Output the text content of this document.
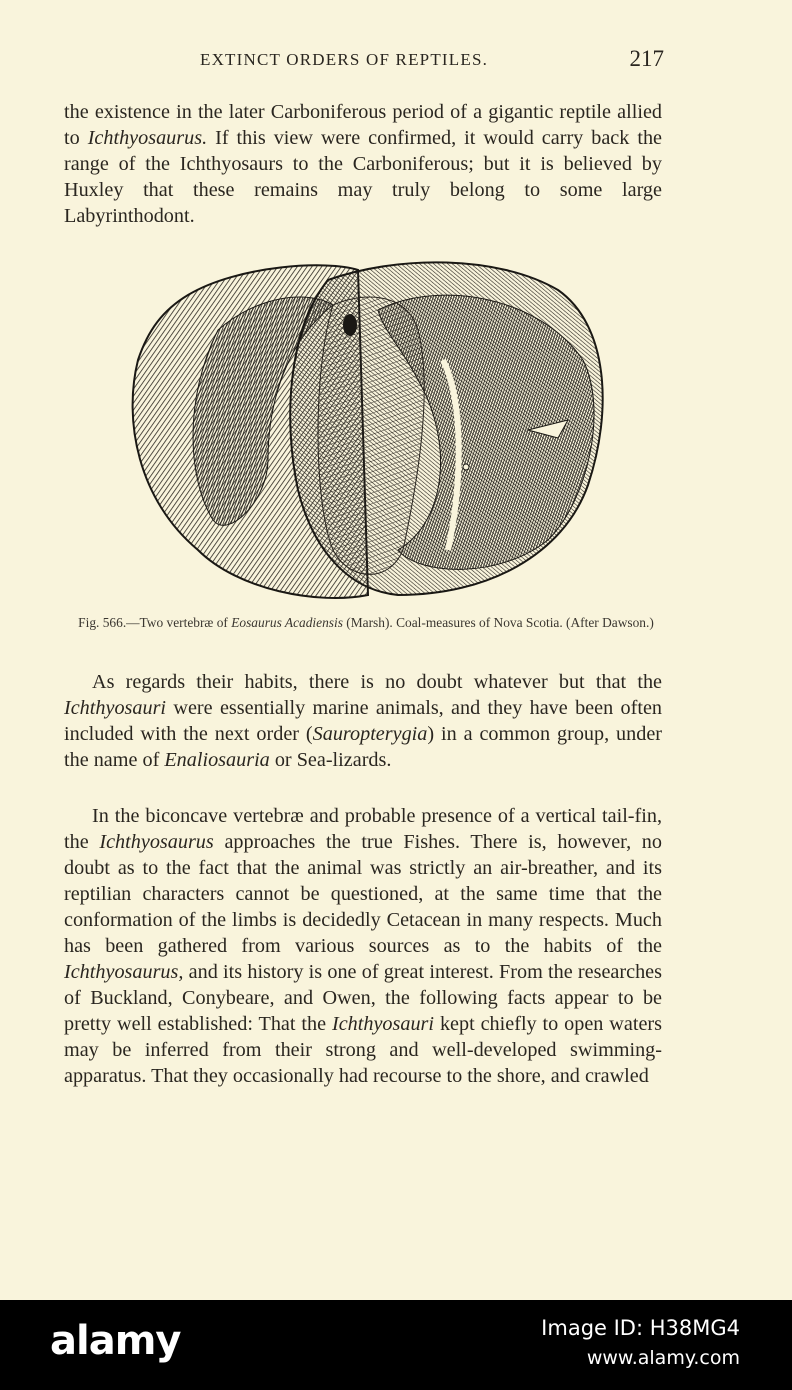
EXTINCT ORDERS OF REPTILES.	217

the existence in the later Carboniferous period of a gigantic reptile allied to Ichthyosaurus. If this view were confirmed, it would carry back the range of the Ichthyosaurs to the Carboniferous; but it is believed by Huxley that these remains may truly belong to some large Labyrinthodont.

Fig. 566.—Two vertebræ of Eosaurus Acadiensis (Marsh). Coal-measures of Nova Scotia. (After Dawson.)

As regards their habits, there is no doubt whatever but that the Ichthyosauri were essentially marine animals, and they have been often included with the next order (Sauropterygia) in a common group, under the name of Enaliosauria or Sea-lizards.

In the biconcave vertebræ and probable presence of a vertical tail-fin, the Ichthyosaurus approaches the true Fishes. There is, however, no doubt as to the fact that the animal was strictly an air-breather, and its reptilian characters cannot be questioned, at the same time that the conformation of the limbs is decidedly Cetacean in many respects. Much has been gathered from various sources as to the habits of the Ichthyosaurus, and its history is one of great interest. From the researches of Buckland, Conybeare, and Owen, the following facts appear to be pretty well established: That the Ichthyosauri kept chiefly to open waters may be inferred from their strong and well-developed swimming-apparatus. That they occasionally had recourse to the shore, and crawled

alamy	Image ID: H38MG4
www.alamy.com
